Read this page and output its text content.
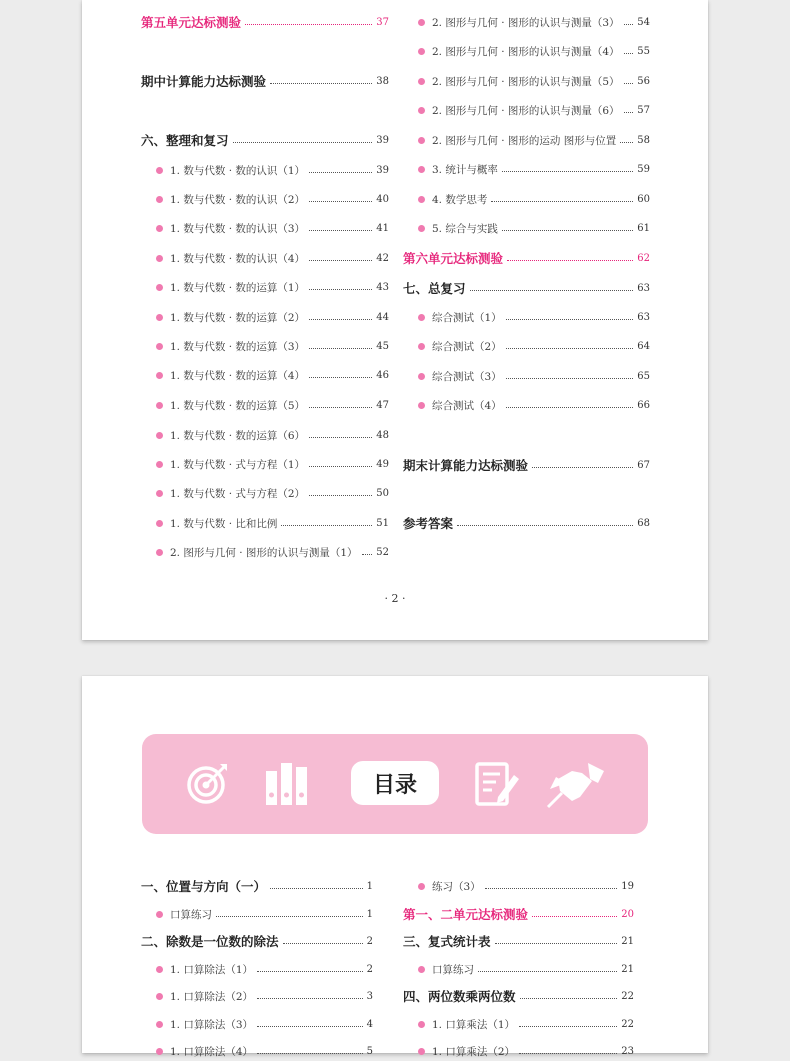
第五单元达标测验	37
期中计算能力达标测验	38
六、整理和复习	39
1. 数与代数 · 数的认识（1）	39
1. 数与代数 · 数的认识（2）	40
1. 数与代数 · 数的认识（3）	41
1. 数与代数 · 数的认识（4）	42
1. 数与代数 · 数的运算（1）	43
1. 数与代数 · 数的运算（2）	44
1. 数与代数 · 数的运算（3）	45
1. 数与代数 · 数的运算（4）	46
1. 数与代数 · 数的运算（5）	47
1. 数与代数 · 数的运算（6）	48
1. 数与代数 · 式与方程（1）	49
1. 数与代数 · 式与方程（2）	50
1. 数与代数 · 比和比例	51
2. 图形与几何 · 图形的认识与测量（1） 52
2. 图形与几何 · 图形的认识与测量（3） 54
2. 图形与几何 · 图形的认识与测量（4） 55
2. 图形与几何 · 图形的认识与测量（5） 56
2. 图形与几何 · 图形的认识与测量（6） 57
2. 图形与几何 · 图形的运动 图形与位置 58
3. 统计与概率	59
4. 数学思考	60
5. 综合与实践	61
第六单元达标测验	62
七、总复习	63
综合测试（1）	63
综合测试（2）	64
综合测试（3）	65
综合测试（4）	66
期末计算能力达标测验	67
参考答案	68
· 2 ·
目录
一、位置与方向（一）	1
口算练习	1
二、除数是一位数的除法	2
1. 口算除法（1）	2
1. 口算除法（2）	3
1. 口算除法（3）	4
1. 口算除法（4）	5
练习（3）	19
第一、二单元达标测验	20
三、复式统计表	21
口算练习	21
四、两位数乘两位数	22
1. 口算乘法（1）	22
1. 口算乘法（2）	23
